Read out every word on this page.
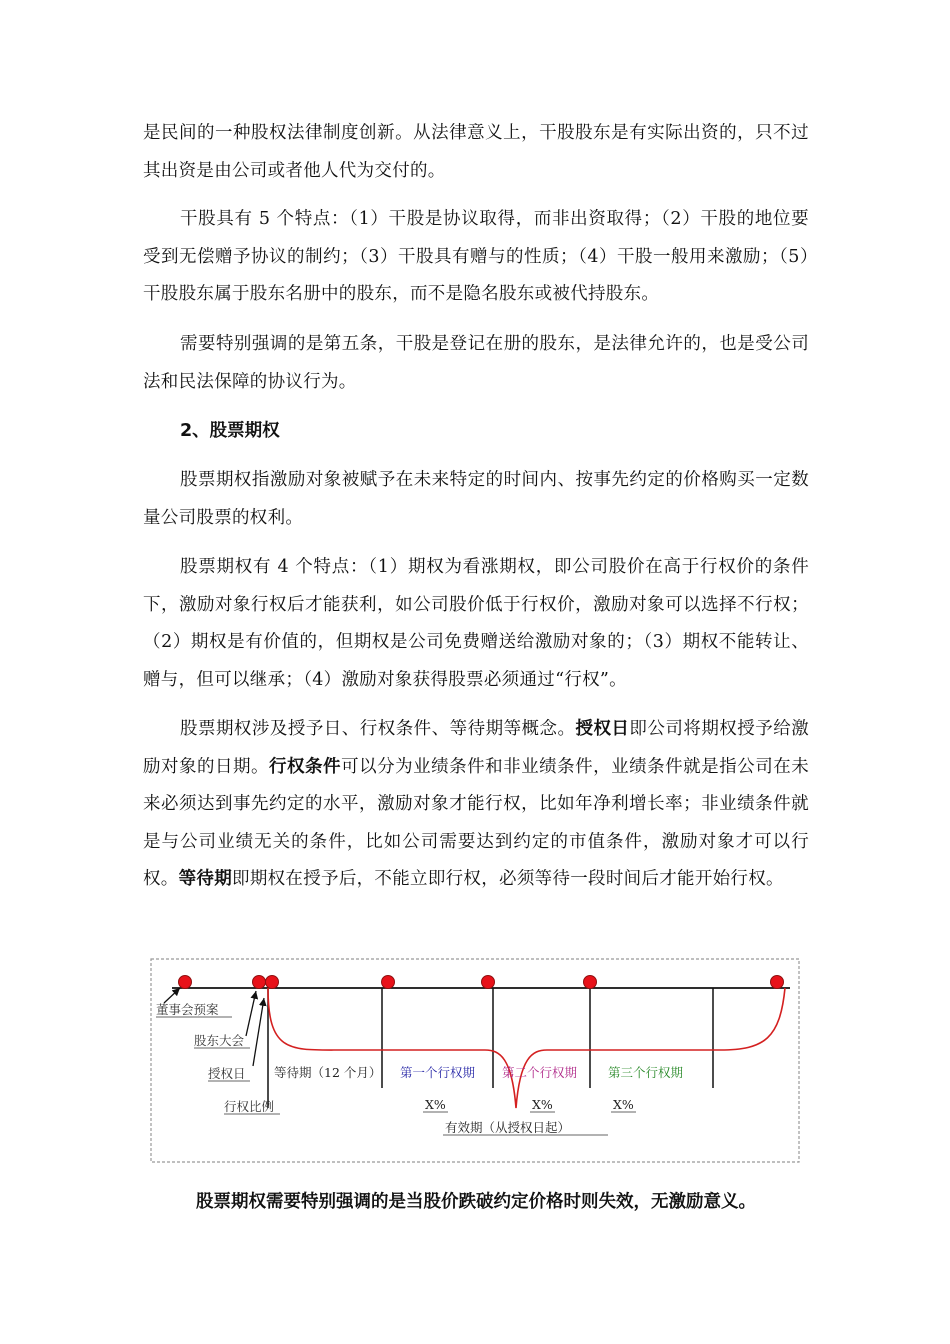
是民间的一种股权法律制度创新。从法律意义上，干股股东是有实际出资的，只不过其出资是由公司或者他人代为交付的。

干股具有 5 个特点：（1）干股是协议取得，而非出资取得；（2）干股的地位要受到无偿赠予协议的制约；（3）干股具有赠与的性质；（4）干股一般用来激励；（5）干股股东属于股东名册中的股东，而不是隐名股东或被代持股东。

需要特别强调的是第五条，干股是登记在册的股东，是法律允许的，也是受公司法和民法保障的协议行为。

2、股票期权

股票期权指激励对象被赋予在未来特定的时间内、按事先约定的价格购买一定数量公司股票的权利。

股票期权有 4 个特点：（1）期权为看涨期权，即公司股价在高于行权价的条件下，激励对象行权后才能获利，如公司股价低于行权价，激励对象可以选择不行权；（2）期权是有价值的，但期权是公司免费赠送给激励对象的；（3）期权不能转让、赠与，但可以继承；（4）激励对象获得股票必须通过“行权”。

股票期权涉及授予日、行权条件、等待期等概念。授权日即公司将期权授予给激励对象的日期。行权条件可以分为业绩条件和非业绩条件，业绩条件就是指公司在未来必须达到事先约定的水平，激励对象才能行权，比如年净利增长率；非业绩条件就是与公司业绩无关的条件，比如公司需要达到约定的市值条件，激励对象才可以行权。等待期即期权在授予后，不能立即行权，必须等待一段时间后才能开始行权。

董事会预案
股东大会
授权日
行权比例
等待期（12 个月） 第一个行权期 第二个行权期 第三个行权期
X%	X%	X%
有效期（从授权日起）

股票期权需要特别强调的是当股价跌破约定价格时则失效，无激励意义。
